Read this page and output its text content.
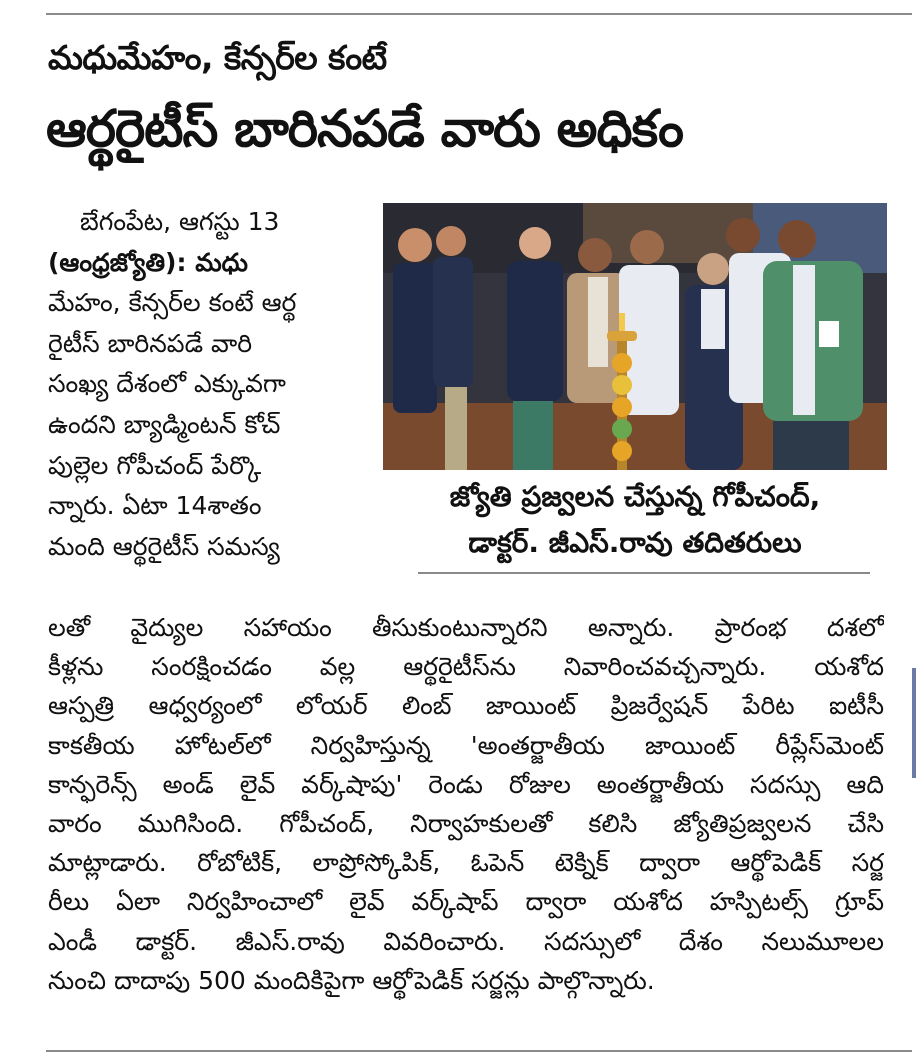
మధుమేహం, కేన్సర్‌ల కంటే
ఆర్థరైటీస్ బారినపడే వారు అధికం
బేగంపేట, ఆగస్టు 13
(ఆంధ్రజ్యోతి): మధు
మేహం, కేన్సర్‌ల కంటే ఆర్థ
రైటీస్ బారినపడే వారి
సంఖ్య దేశంలో ఎక్కువగా
ఉందని బ్యాడ్మింటన్ కోచ్
పుల్లెల గోపీచంద్ పేర్కొ
న్నారు. ఏటా 14శాతం
మంది ఆర్థరైటీస్ సమస్య
జ్యోతి ప్రజ్వలన చేస్తున్న గోపీచంద్,
డాక్టర్. జీఎస్.రావు తదితరులు
లతో వైద్యుల సహాయం తీసుకుంటున్నారని అన్నారు. ప్రారంభ దశలో
కీళ్లను సంరక్షించడం వల్ల ఆర్థరైటీస్‌ను నివారించవచ్చన్నారు. యశోద
ఆస్పత్రి ఆధ్వర్యంలో లోయర్ లింబ్ జాయింట్ ప్రిజర్వేషన్ పేరిట ఐటీసీ
కాకతీయ హోటల్‌లో నిర్వహిస్తున్న 'అంతర్జాతీయ జాయింట్ రీప్లేస్‌మెంట్
కాన్ఫరెన్స్ అండ్ లైవ్ వర్క్‌షాపు' రెండు రోజుల అంతర్జాతీయ సదస్సు ఆది
వారం ముగిసింది. గోపీచంద్, నిర్వాహకులతో కలిసి జ్యోతిప్రజ్వలన చేసి
మాట్లాడారు. రోబోటిక్, లాప్రోస్కోపిక్, ఓపెన్ టెక్నిక్ ద్వారా ఆర్థోపెడిక్ సర్జ
రీలు ఏలా నిర్వహించాలో లైవ్ వర్క్‌షాప్ ద్వారా యశోద హస్పిటల్స్ గ్రూప్
ఎండీ డాక్టర్. జీఎస్.రావు వివరించారు. సదస్సులో దేశం నలుమూలల
నుంచి దాదాపు 500 మందికిపైగా ఆర్థోపెడిక్ సర్జన్లు పాల్గొన్నారు.
